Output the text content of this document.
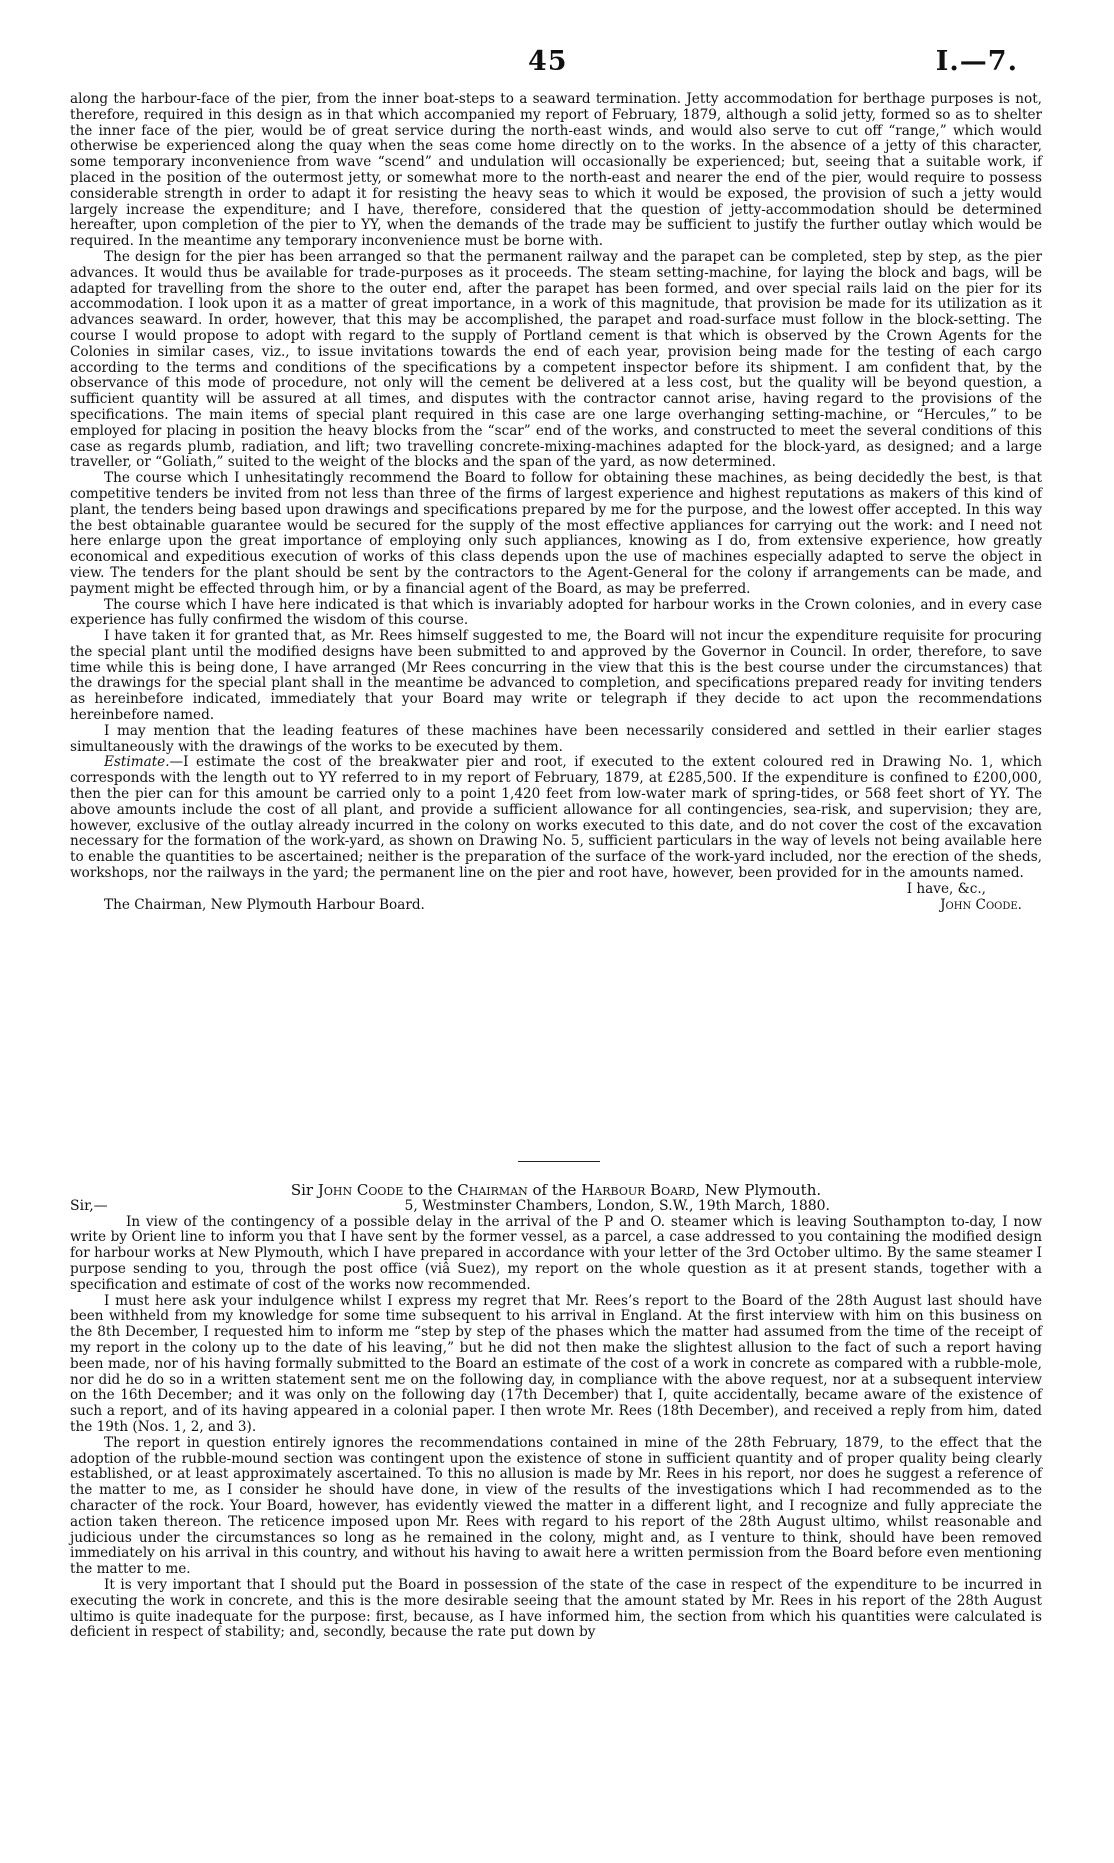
45	I.—7.

along the harbour-face of the pier, from the inner boat-steps to a seaward termination. Jetty accommodation for berthage purposes is not, therefore, required in this design as in that which accompanied my report of February, 1879, although a solid jetty, formed so as to shelter the inner face of the pier, would be of great service during the north-east winds, and would also serve to cut off “range,” which would otherwise be experienced along the quay when the seas come home directly on to the works. In the absence of a jetty of this character, some temporary inconvenience from wave “scend” and undulation will occasionally be experienced; but, seeing that a suitable work, if placed in the position of the outermost jetty, or somewhat more to the north-east and nearer the end of the pier, would require to possess considerable strength in order to adapt it for resisting the heavy seas to which it would be exposed, the provision of such a jetty would largely increase the expenditure; and I have, therefore, considered that the question of jetty-accommodation should be determined hereafter, upon completion of the pier to YY, when the demands of the trade may be sufficient to justify the further outlay which would be required. In the meantime any temporary inconvenience must be borne with.

The design for the pier has been arranged so that the permanent railway and the parapet can be completed, step by step, as the pier advances. It would thus be available for trade-purposes as it proceeds. The steam setting-machine, for laying the block and bags, will be adapted for travelling from the shore to the outer end, after the parapet has been formed, and over special rails laid on the pier for its accommodation. I look upon it as a matter of great importance, in a work of this magnitude, that provision be made for its utilization as it advances seaward. In order, however, that this may be accomplished, the parapet and road-surface must follow in the block-setting. The course I would propose to adopt with regard to the supply of Portland cement is that which is observed by the Crown Agents for the Colonies in similar cases, viz., to issue invitations towards the end of each year, provision being made for the testing of each cargo according to the terms and conditions of the specifications by a competent inspector before its shipment. I am confident that, by the observance of this mode of procedure, not only will the cement be delivered at a less cost, but the quality will be beyond question, a sufficient quantity will be assured at all times, and disputes with the contractor cannot arise, having regard to the provisions of the specifications. The main items of special plant required in this case are one large overhanging setting-machine, or “Hercules,” to be employed for placing in position the heavy blocks from the “scar” end of the works, and constructed to meet the several conditions of this case as regards plumb, radiation, and lift; two travelling concrete-mixing-machines adapted for the block-yard, as designed; and a large traveller, or “Goliath,” suited to the weight of the blocks and the span of the yard, as now determined.

The course which I unhesitatingly recommend the Board to follow for obtaining these machines, as being decidedly the best, is that competitive tenders be invited from not less than three of the firms of largest experience and highest reputations as makers of this kind of plant, the tenders being based upon drawings and specifications prepared by me for the purpose, and the lowest offer accepted. In this way the best obtainable guarantee would be secured for the supply of the most effective appliances for carrying out the work: and I need not here enlarge upon the great importance of employing only such appliances, knowing as I do, from extensive experience, how greatly economical and expeditious execution of works of this class depends upon the use of machines especially adapted to serve the object in view. The tenders for the plant should be sent by the contractors to the Agent-General for the colony if arrangements can be made, and payment might be effected through him, or by a financial agent of the Board, as may be preferred.

The course which I have here indicated is that which is invariably adopted for harbour works in the Crown colonies, and in every case experience has fully confirmed the wisdom of this course.

I have taken it for granted that, as Mr. Rees himself suggested to me, the Board will not incur the expenditure requisite for procuring the special plant until the modified designs have been submitted to and approved by the Governor in Council. In order, therefore, to save time while this is being done, I have arranged (Mr Rees concurring in the view that this is the best course under the circumstances) that the drawings for the special plant shall in the meantime be advanced to completion, and specifications prepared ready for inviting tenders as hereinbefore indicated, immediately that your Board may write or telegraph if they decide to act upon the recommendations hereinbefore named.

I may mention that the leading features of these machines have been necessarily considered and settled in their earlier stages simultaneously with the drawings of the works to be executed by them.

Estimate.—I estimate the cost of the breakwater pier and root, if executed to the extent coloured red in Drawing No. 1, which corresponds with the length out to YY referred to in my report of February, 1879, at £285,500. If the expenditure is confined to £200,000, then the pier can for this amount be carried only to a point 1,420 feet from low-water mark of spring-tides, or 568 feet short of YY. The above amounts include the cost of all plant, and provide a sufficient allowance for all contingencies, sea-risk, and supervision; they are, however, exclusive of the outlay already incurred in the colony on works executed to this date, and do not cover the cost of the excavation necessary for the formation of the work-yard, as shown on Drawing No. 5, sufficient particulars in the way of levels not being available here to enable the quantities to be ascertained; neither is the preparation of the surface of the work-yard included, nor the erection of the sheds, workshops, nor the railways in the yard; the permanent line on the pier and root have, however, been provided for in the amounts named.

I have, &c.,

The Chairman, New Plymouth Harbour Board.	John Coode.

Sir John Coode to the Chairman of the Harbour Board, New Plymouth.

Sir,—	5, Westminster Chambers, London, S.W., 19th March, 1880.

In view of the contingency of a possible delay in the arrival of the P and O. steamer which is leaving Southampton to-day, I now write by Orient line to inform you that I have sent by the former vessel, as a parcel, a case addressed to you containing the modified design for harbour works at New Plymouth, which I have prepared in accordance with your letter of the 3rd October ultimo. By the same steamer I purpose sending to you, through the post office (viâ Suez), my report on the whole question as it at present stands, together with a specification and estimate of cost of the works now recommended.

I must here ask your indulgence whilst I express my regret that Mr. Rees’s report to the Board of the 28th August last should have been withheld from my knowledge for some time subsequent to his arrival in England. At the first interview with him on this business on the 8th December, I requested him to inform me “step by step of the phases which the matter had assumed from the time of the receipt of my report in the colony up to the date of his leaving,” but he did not then make the slightest allusion to the fact of such a report having been made, nor of his having formally submitted to the Board an estimate of the cost of a work in concrete as compared with a rubble-mole, nor did he do so in a written statement sent me on the following day, in compliance with the above request, nor at a subsequent interview on the 16th December; and it was only on the following day (17th December) that I, quite accidentally, became aware of the existence of such a report, and of its having appeared in a colonial paper. I then wrote Mr. Rees (18th December), and received a reply from him, dated the 19th (Nos. 1, 2, and 3).

The report in question entirely ignores the recommendations contained in mine of the 28th February, 1879, to the effect that the adoption of the rubble-mound section was contingent upon the existence of stone in sufficient quantity and of proper quality being clearly established, or at least approximately ascertained. To this no allusion is made by Mr. Rees in his report, nor does he suggest a reference of the matter to me, as I consider he should have done, in view of the results of the investigations which I had recommended as to the character of the rock. Your Board, however, has evidently viewed the matter in a different light, and I recognize and fully appreciate the action taken thereon. The reticence imposed upon Mr. Rees with regard to his report of the 28th August ultimo, whilst reasonable and judicious under the circumstances so long as he remained in the colony, might and, as I venture to think, should have been removed immediately on his arrival in this country, and without his having to await here a written permission from the Board before even mentioning the matter to me.

It is very important that I should put the Board in possession of the state of the case in respect of the expenditure to be incurred in executing the work in concrete, and this is the more desirable seeing that the amount stated by Mr. Rees in his report of the 28th August ultimo is quite inadequate for the purpose: first, because, as I have informed him, the section from which his quantities were calculated is deficient in respect of stability; and, secondly, because the rate put down by
